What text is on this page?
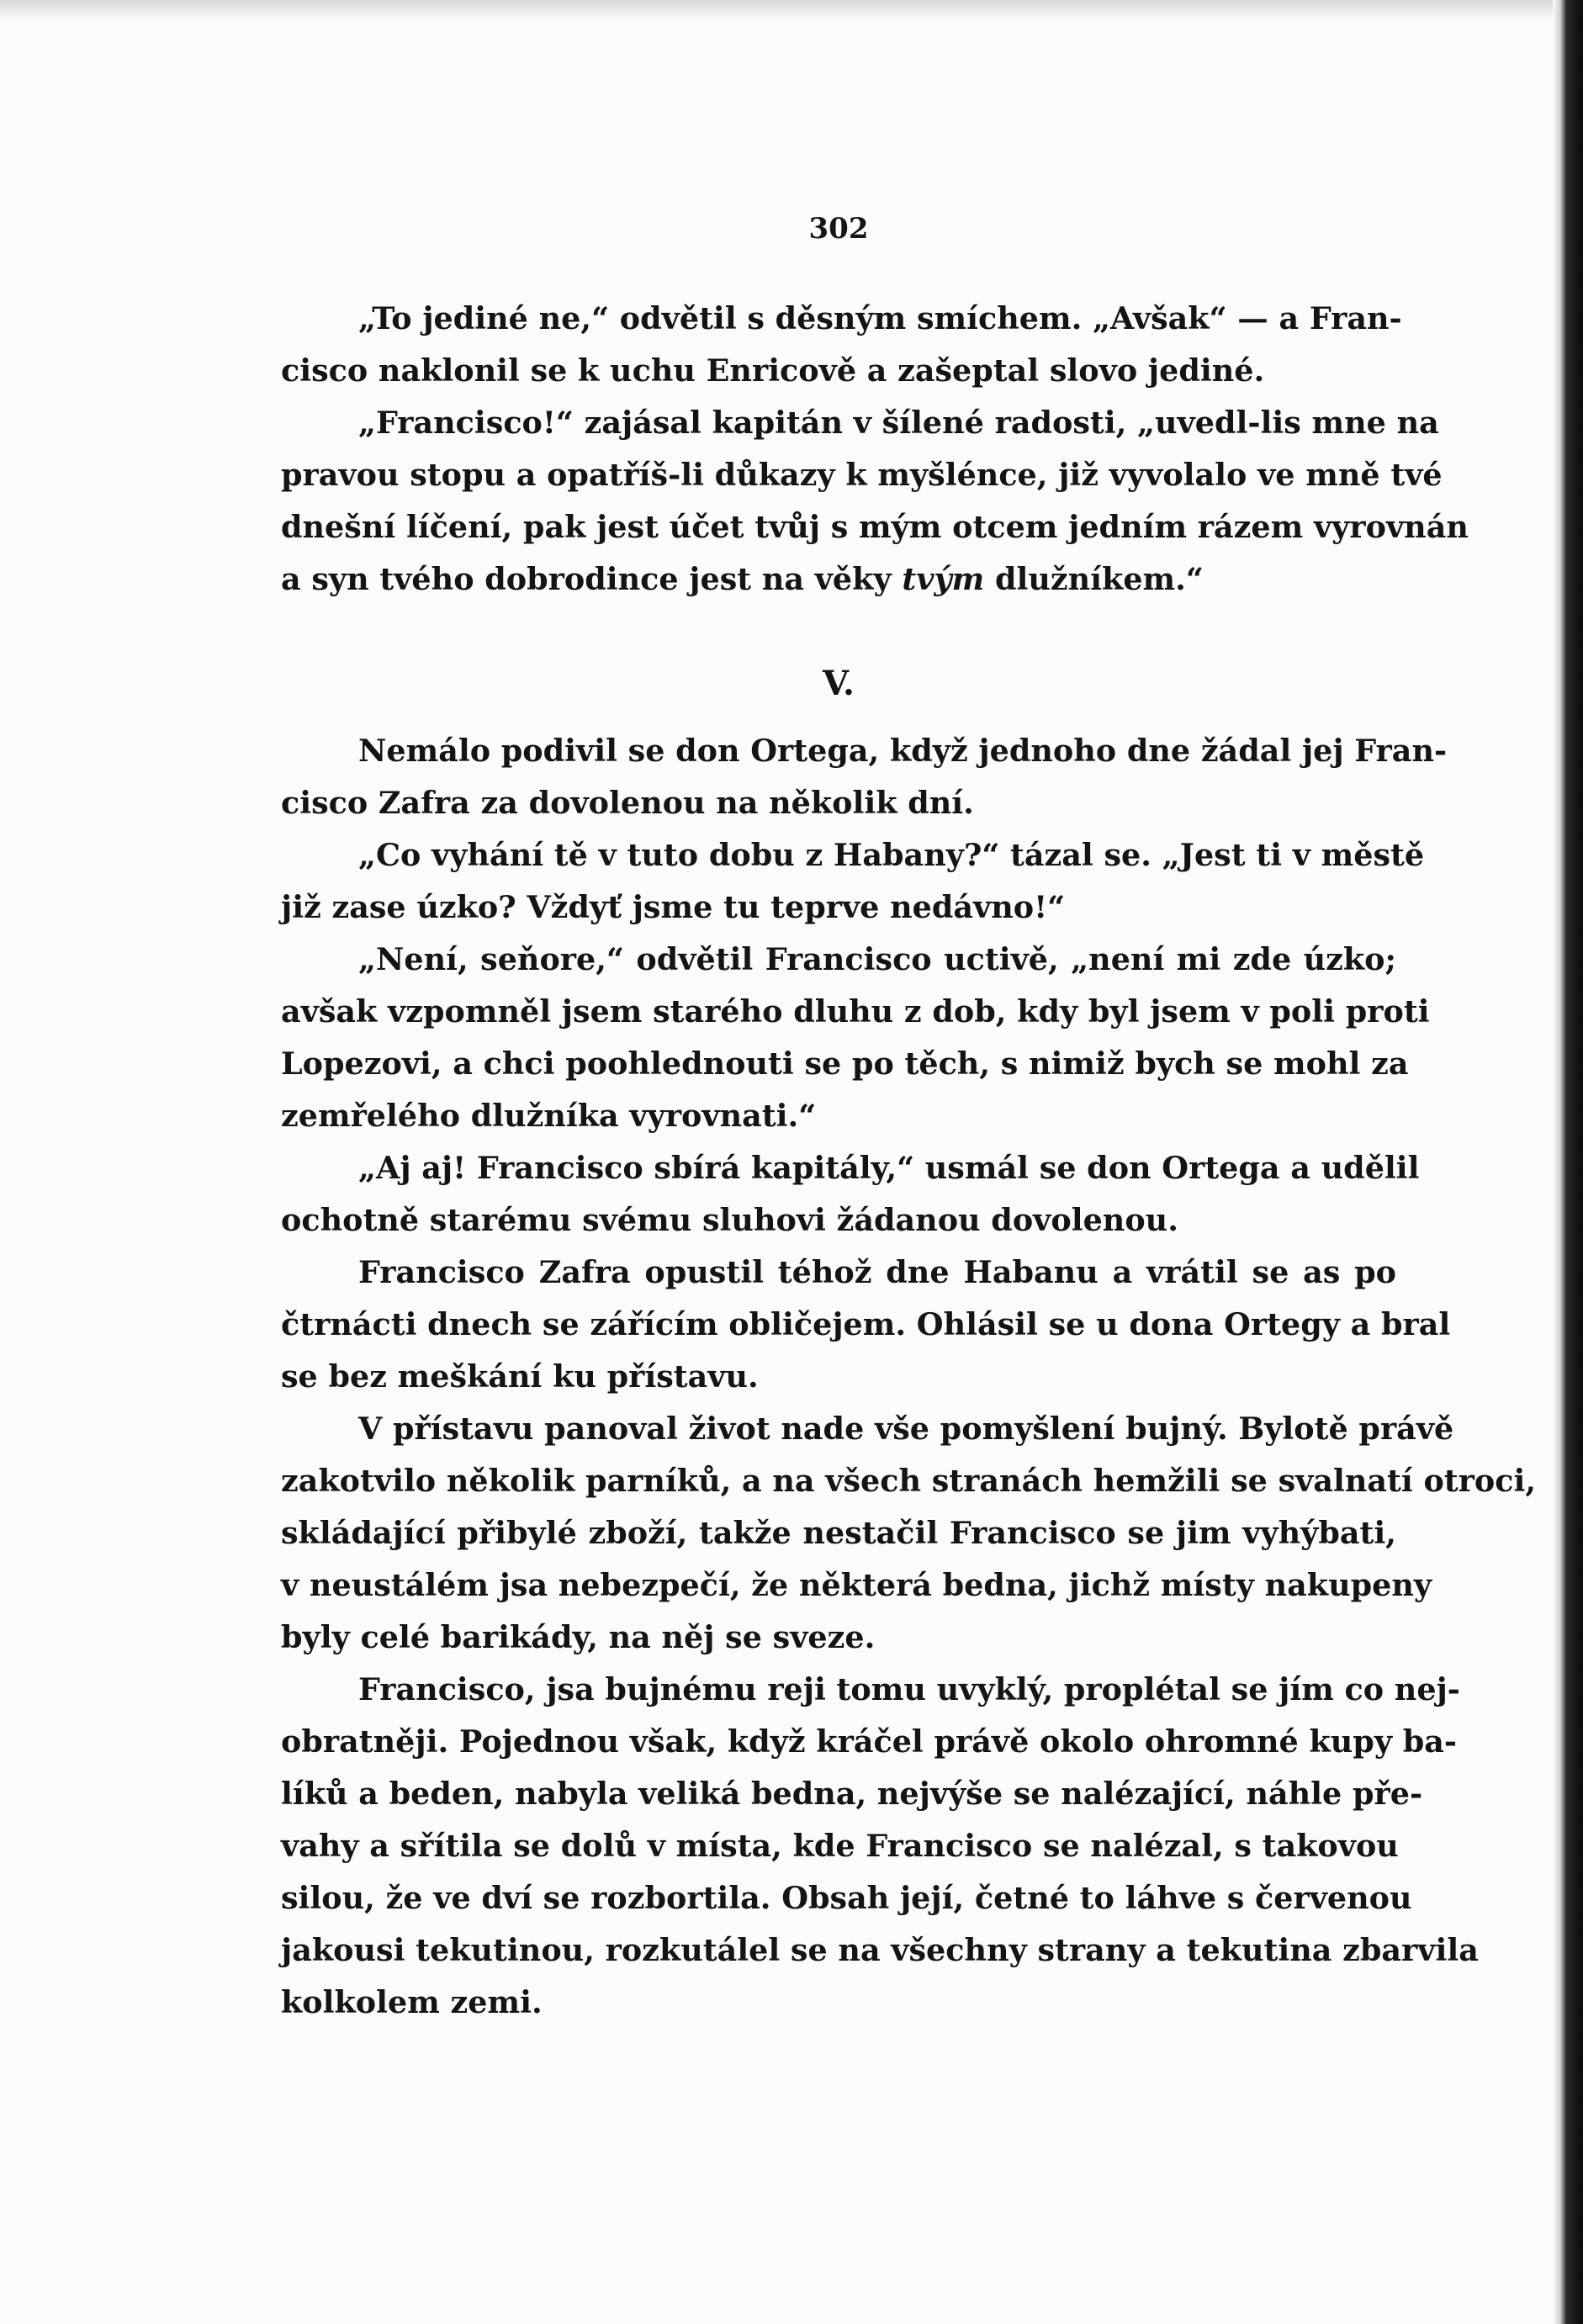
302
„To jediné ne,“ odvětil s děsným smíchem. „Avšak“ — a Fran-
cisco naklonil se k uchu Enricově a zašeptal slovo jediné.
„Francisco!“ zajásal kapitán v šílené radosti, „uvedl-lis mne na
pravou stopu a opatříš-li důkazy k myšlénce, již vyvolalo ve mně tvé
dnešní líčení, pak jest účet tvůj s mým otcem jedním rázem vyrovnán
a syn tvého dobrodince jest na věky tvým dlužníkem.“
V.
Nemálo podivil se don Ortega, když jednoho dne žádal jej Fran-
cisco Zafra za dovolenou na několik dní.
„Co vyhání tě v tuto dobu z Habany?“ tázal se. „Jest ti v městě
již zase úzko? Vždyť jsme tu teprve nedávno!“
„Není, seňore,“ odvětil Francisco uctivě, „není mi zde úzko;
avšak vzpomněl jsem starého dluhu z dob, kdy byl jsem v poli proti
Lopezovi, a chci poohlednouti se po těch, s nimiž bych se mohl za
zemřelého dlužníka vyrovnati.“
„Aj aj! Francisco sbírá kapitály,“ usmál se don Ortega a udělil
ochotně starému svému sluhovi žádanou dovolenou.
Francisco Zafra opustil téhož dne Habanu a vrátil se as po
čtrnácti dnech se zářícím obličejem. Ohlásil se u dona Ortegy a bral
se bez meškání ku přístavu.
V přístavu panoval život nade vše pomyšlení bujný. Bylotě právě
zakotvilo několik parníků, a na všech stranách hemžili se svalnatí otroci,
skládající přibylé zboží, takže nestačil Francisco se jim vyhýbati,
v neustálém jsa nebezpečí, že některá bedna, jichž místy nakupeny
byly celé barikády, na něj se sveze.
Francisco, jsa bujnému reji tomu uvyklý, proplétal se jím co nej-
obratněji. Pojednou však, když kráčel právě okolo ohromné kupy ba-
líků a beden, nabyla veliká bedna, nejvýše se nalézající, náhle pře-
vahy a sřítila se dolů v místa, kde Francisco se nalézal, s takovou
silou, že ve dví se rozbortila. Obsah její, četné to láhve s červenou
jakousi tekutinou, rozkutálel se na všechny strany a tekutina zbarvila
kolkolem zemi.
